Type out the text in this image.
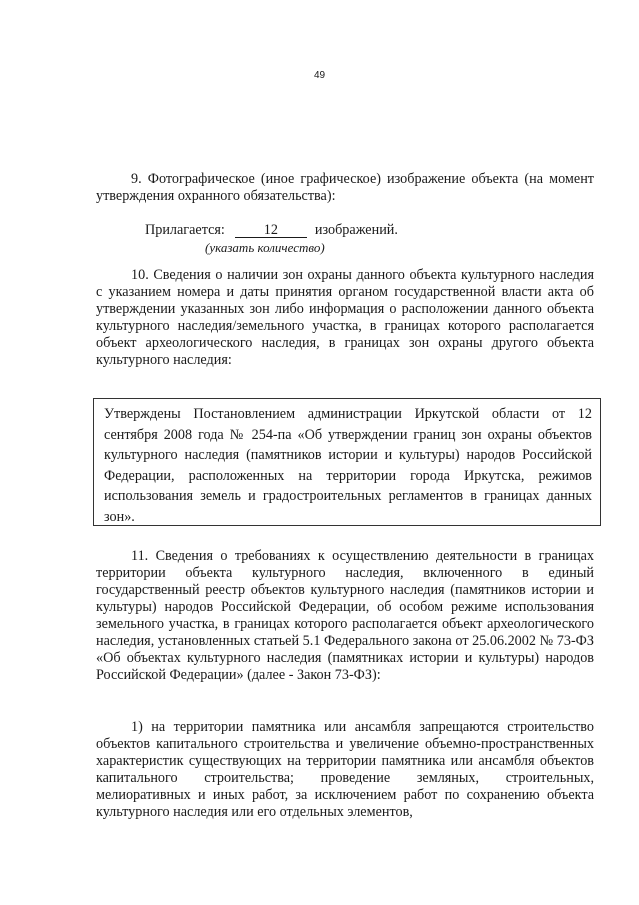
49
9. Фотографическое (иное графическое) изображение объекта (на момент утверждения охранного обязательства):
Прилагается:	12	изображений.
(указать количество)
10. Сведения о наличии зон охраны данного объекта культурного наследия с указанием номера и даты принятия органом государственной власти акта об утверждении указанных зон либо информация о расположении данного объекта культурного наследия/земельного участка, в границах которого располагается объект археологического наследия, в границах зон охраны другого объекта культурного наследия:
Утверждены Постановлением администрации Иркутской области от 12 сентября 2008 года № 254-па «Об утверждении границ зон охраны объектов культурного наследия (памятников истории и культуры) народов Российской Федерации, расположенных на территории города Иркутска, режимов использования земель и градостроительных регламентов в границах данных зон».
11. Сведения о требованиях к осуществлению деятельности в границах территории объекта культурного наследия, включенного в единый государственный реестр объектов культурного наследия (памятников истории и культуры) народов Российской Федерации, об особом режиме использования земельного участка, в границах которого располагается объект археологического наследия, установленных статьей 5.1 Федерального закона от 25.06.2002 № 73-ФЗ «Об объектах культурного наследия (памятниках истории и культуры) народов Российской Федерации» (далее - Закон 73-ФЗ):
1) на территории памятника или ансамбля запрещаются строительство объектов капитального строительства и увеличение объемно-пространственных характеристик существующих на территории памятника или ансамбля объектов капитального строительства; проведение земляных, строительных, мелиоративных и иных работ, за исключением работ по сохранению объекта культурного наследия или его отдельных элементов,
